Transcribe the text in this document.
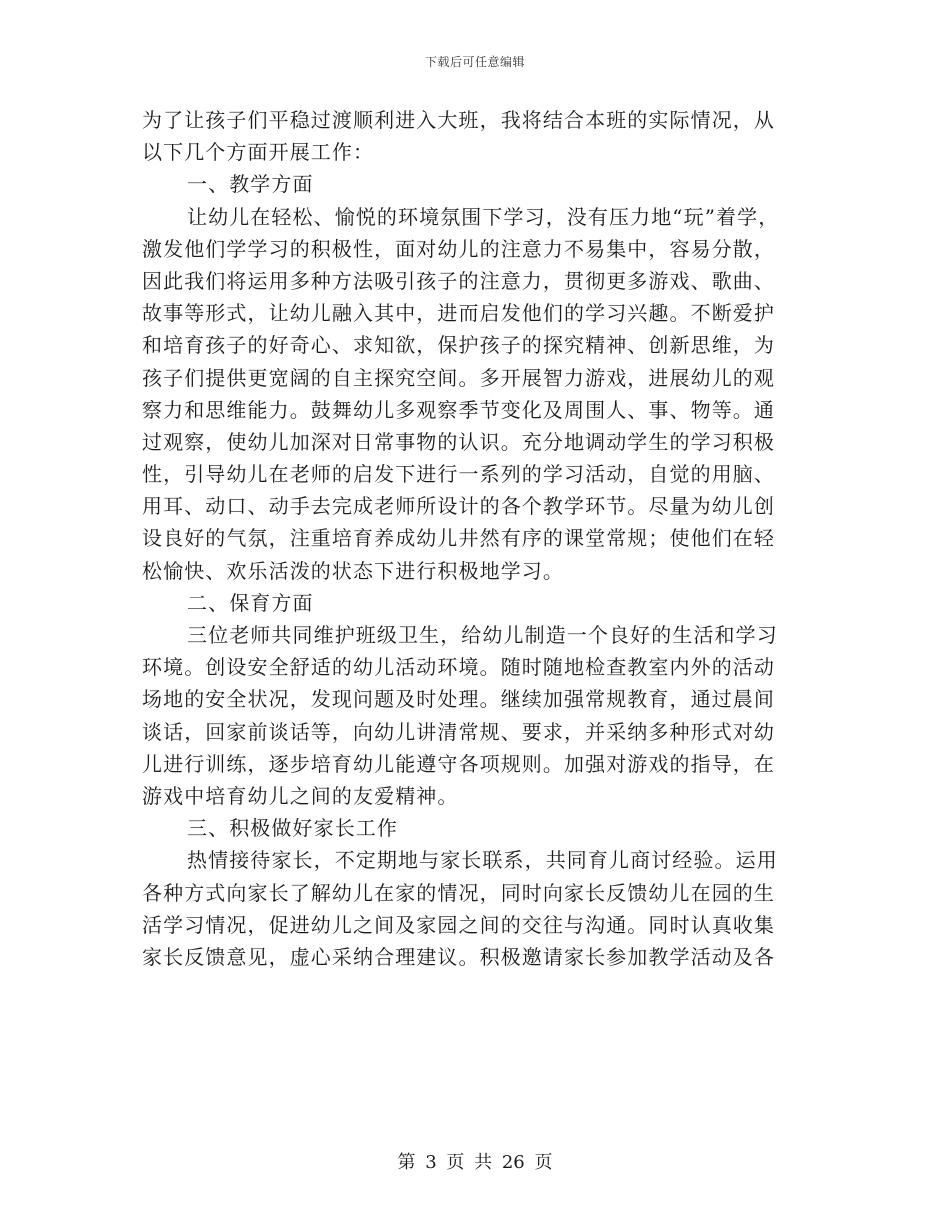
下载后可任意编辑
为了让孩子们平稳过渡顺利进入大班，我将结合本班的实际情况，从
以下几个方面开展工作：
一、教学方面
让幼儿在轻松、愉悦的环境氛围下学习，没有压力地“玩”着学，
激发他们学学习的积极性，面对幼儿的注意力不易集中，容易分散，
因此我们将运用多种方法吸引孩子的注意力，贯彻更多游戏、歌曲、
故事等形式，让幼儿融入其中，进而启发他们的学习兴趣。不断爱护
和培育孩子的好奇心、求知欲，保护孩子的探究精神、创新思维，为
孩子们提供更宽阔的自主探究空间。多开展智力游戏，进展幼儿的观
察力和思维能力。鼓舞幼儿多观察季节变化及周围人、事、物等。通
过观察，使幼儿加深对日常事物的认识。充分地调动学生的学习积极
性，引导幼儿在老师的启发下进行一系列的学习活动，自觉的用脑、
用耳、动口、动手去完成老师所设计的各个教学环节。尽量为幼儿创
设良好的气氛，注重培育养成幼儿井然有序的课堂常规；使他们在轻
松愉快、欢乐活泼的状态下进行积极地学习。
二、保育方面
三位老师共同维护班级卫生，给幼儿制造一个良好的生活和学习
环境。创设安全舒适的幼儿活动环境。随时随地检查教室内外的活动
场地的安全状况，发现问题及时处理。继续加强常规教育，通过晨间
谈话，回家前谈话等，向幼儿讲清常规、要求，并采纳多种形式对幼
儿进行训练，逐步培育幼儿能遵守各项规则。加强对游戏的指导，在
游戏中培育幼儿之间的友爱精神。
三、积极做好家长工作
热情接待家长，不定期地与家长联系，共同育儿商讨经验。运用
各种方式向家长了解幼儿在家的情况，同时向家长反馈幼儿在园的生
活学习情况，促进幼儿之间及家园之间的交往与沟通。同时认真收集
家长反馈意见，虚心采纳合理建议。积极邀请家长参加教学活动及各
第 3 页 共 26 页
